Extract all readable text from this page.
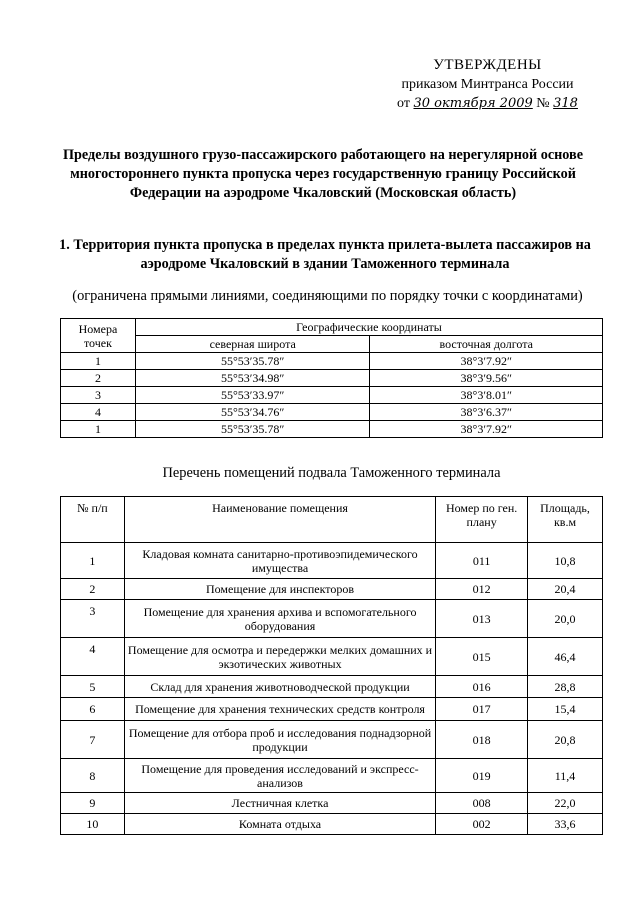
УТВЕРЖДЕНЫ
приказом Минтранса России
от 30 октября 2009 № 318
Пределы воздушного грузо-пассажирского работающего на нерегулярной основе многостороннего пункта пропуска через государственную границу Российской Федерации на аэродроме Чкаловский (Московская область)
1. Территория пункта пропуска в пределах пункта прилета-вылета пассажиров на аэродроме Чкаловский в здании Таможенного терминала
(ограничена прямыми линиями, соединяющими по порядку точки с координатами)
Номера точек	Географические координаты	
	северная широта	восточная долгота
1	55°53′35.78″	38°3′7.92″
2	55°53′34.98″	38°3′9.56″
3	55°53′33.97″	38°3′8.01″
4	55°53′34.76″	38°3′6.37″
1	55°53′35.78″	38°3′7.92″
Перечень помещений подвала Таможенного терминала
№ п/п	Наименование помещения	Номер по ген. плану	Площадь, кв.м
1	Кладовая комната санитарно-противоэпидемического имущества	011	10,8
2	Помещение для инспекторов	012	20,4
3	Помещение для хранения архива и вспомогательного оборудования	013	20,0
4	Помещение для осмотра и передержки мелких домашних и экзотических животных	015	46,4
5	Склад для хранения животноводческой продукции	016	28,8
6	Помещение для хранения технических средств контроля	017	15,4
7	Помещение для отбора проб и исследования поднадзорной продукции	018	20,8
8	Помещение для проведения исследований и экспресс-анализов	019	11,4
9	Лестничная клетка	008	22,0
10	Комната отдыха	002	33,6
